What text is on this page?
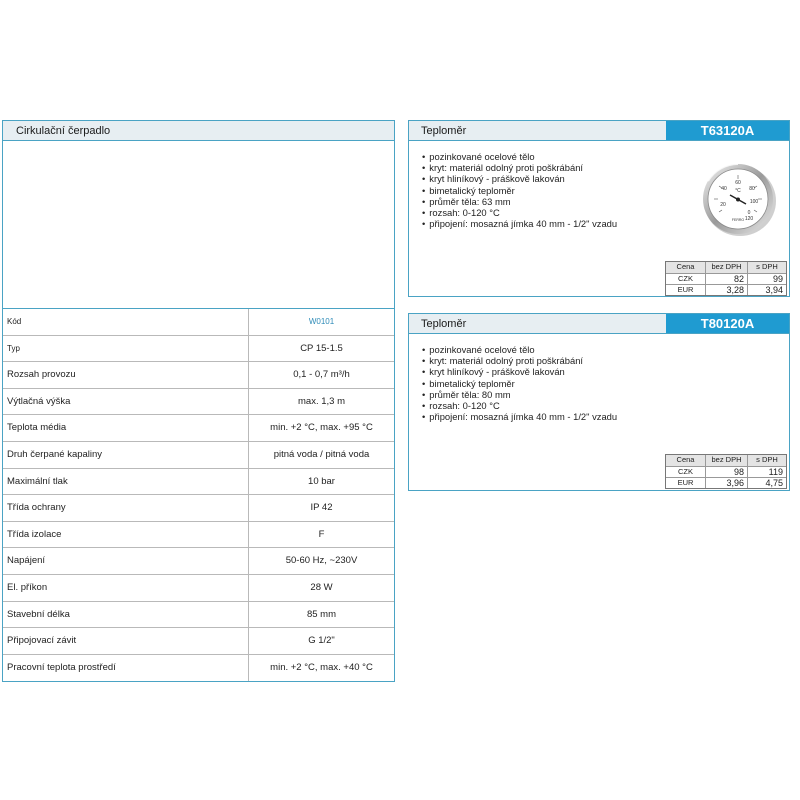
Cirkulační čerpadlo
Kód	W0101
Typ	CP 15-1.5
Rozsah provozu	0,1 - 0,7 m³/h
Výtlačná výška	max. 1,3 m
Teplota média	min. +2 °C, max. +95 °C
Druh čerpané kapaliny	pitná voda / pitná voda
Maximální tlak	10 bar
Třída ochrany	IP 42
Třída izolace	F
Napájení	50-60 Hz, ~230V
El. příkon	28 W
Stavební délka	85 mm
Připojovací závit	G 1/2"
Pracovní teplota prostředí	min. +2 °C, max. +40 °C
Teploměr	T63120A
• pozinkované ocelové tělo
• kryt: materiál odolný proti poškrábání
• kryt hliníkový - práškově lakován
• bimetalický teploměr
• průměr těla: 63 mm
• rozsah: 0-120 °C
• připojení: mosazná jímka 40 mm - 1/2" vzadu
0
20
40
60
80
100
120
°C
FERRO
Cena	bez DPH	s DPH
CZK	82	99
EUR	3,28	3,94
Teploměr	T80120A
• pozinkované ocelové tělo
• kryt: materiál odolný proti poškrábání
• kryt hliníkový - práškově lakován
• bimetalický teploměr
• průměr těla: 80 mm
• rozsah: 0-120 °C
• připojení: mosazná jímka 40 mm - 1/2" vzadu
Cena	bez DPH	s DPH
CZK	98	119
EUR	3,96	4,75
